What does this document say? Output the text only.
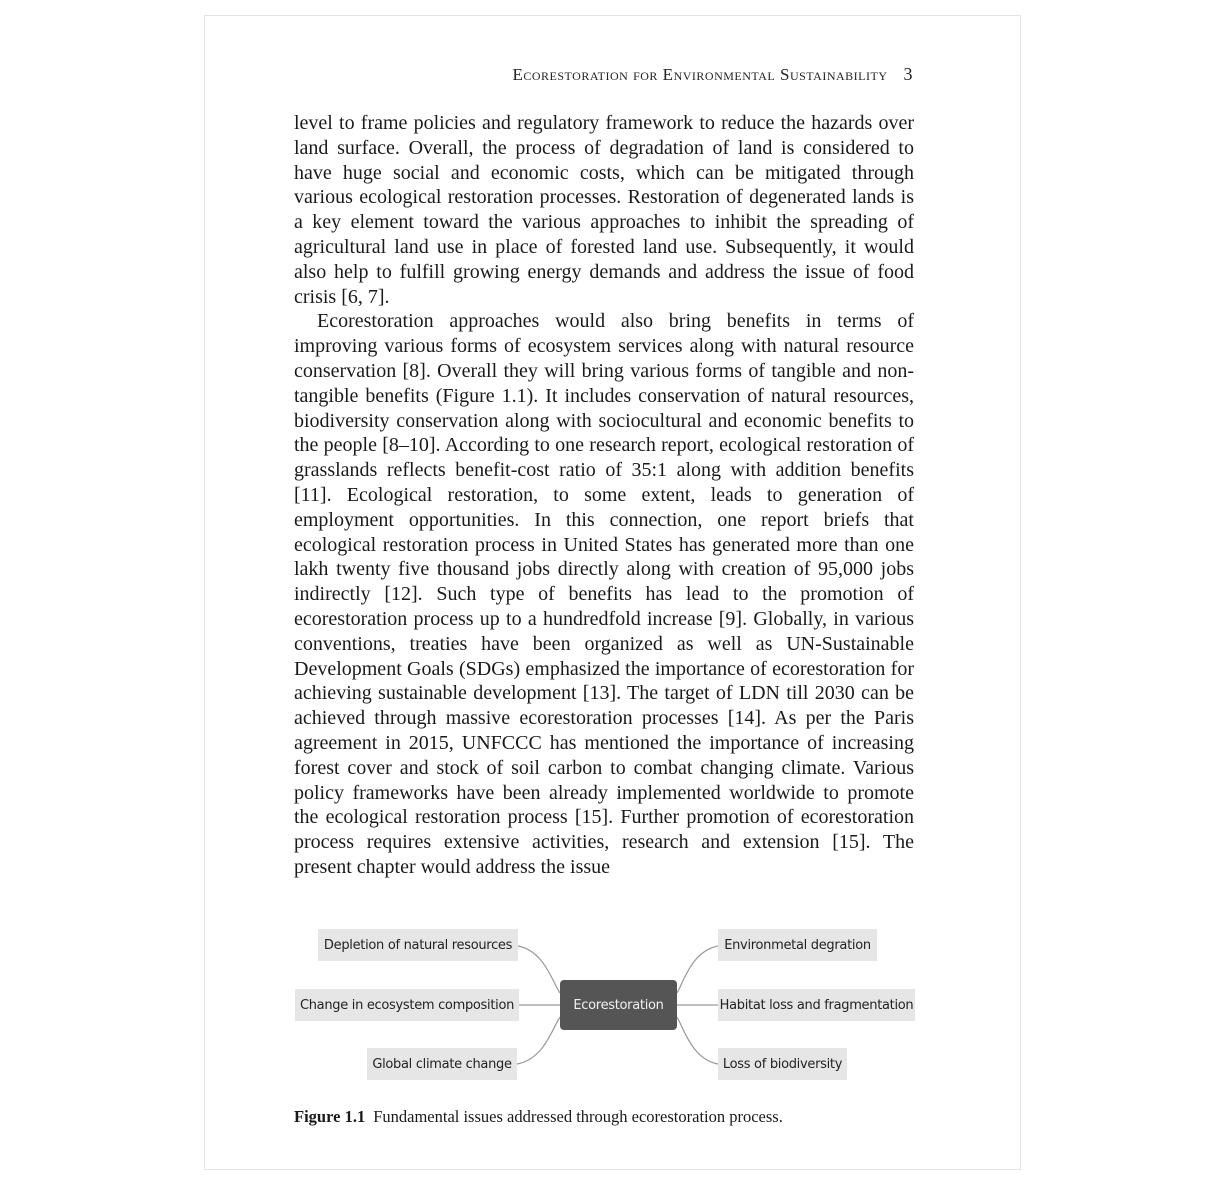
Ecorestoration for Environmental Sustainability 3

level to frame policies and regulatory framework to reduce the hazards over land surface. Overall, the process of degradation of land is considered to have huge social and economic costs, which can be mitigated through various ecological restoration processes. Restoration of degenerated lands is a key element toward the various approaches to inhibit the spreading of agricultural land use in place of forested land use. Subsequently, it would also help to fulfill growing energy demands and address the issue of food crisis [6, 7].

Ecorestoration approaches would also bring benefits in terms of improving various forms of ecosystem services along with natural resource conservation [8]. Overall they will bring various forms of tangible and non-tangible benefits (Figure 1.1). It includes conservation of natural resources, biodiversity conservation along with sociocultural and economic benefits to the people [8–10]. According to one research report, ecological restoration of grasslands reflects benefit-cost ratio of 35:1 along with addition benefits [11]. Ecological restoration, to some extent, leads to generation of employment opportunities. In this connection, one report briefs that ecological restoration process in United States has generated more than one lakh twenty five thousand jobs directly along with creation of 95,000 jobs indirectly [12]. Such type of benefits has lead to the promotion of ecorestoration process up to a hundredfold increase [9]. Globally, in various conventions, treaties have been organized as well as UN-Sustainable Development Goals (SDGs) emphasized the importance of ecorestoration for achieving sustainable development [13]. The target of LDN till 2030 can be achieved through massive ecorestoration processes [14]. As per the Paris agreement in 2015, UNFCCC has mentioned the importance of increasing forest cover and stock of soil carbon to combat changing climate. Various policy frameworks have been already implemented worldwide to promote the ecological restoration process [15]. Further promotion of ecorestoration process requires extensive activities, research and extension [15]. The present chapter would address the issue

Depletion of natural resources
Change in ecosystem composition
Global climate change
Ecorestoration
Environmetal degration
Habitat loss and fragmentation
Loss of biodiversity
Figure 1.1 Fundamental issues addressed through ecorestoration process.
